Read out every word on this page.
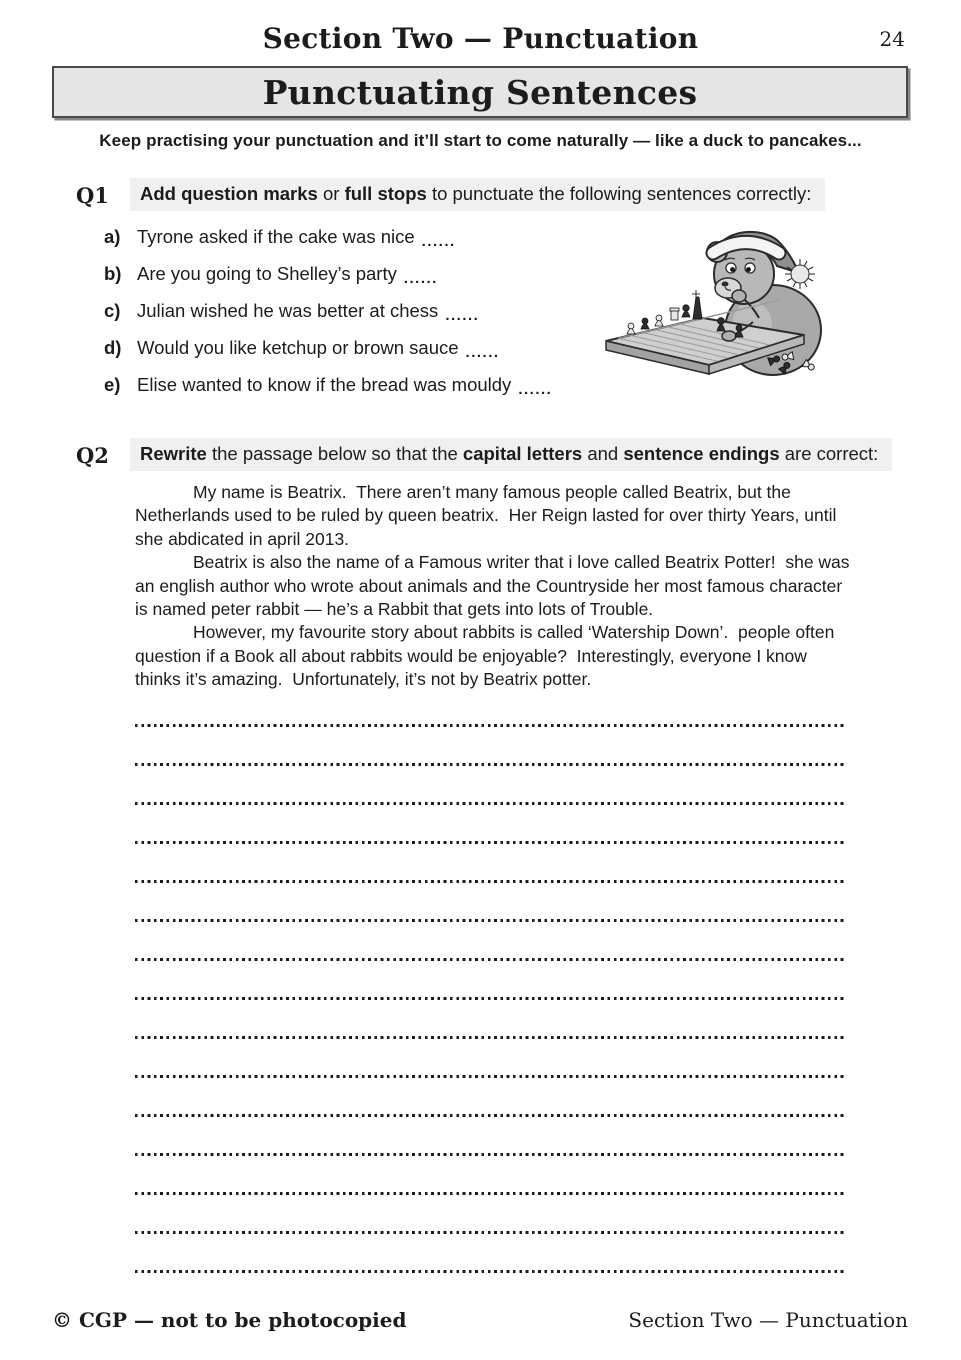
Section Two — Punctuation	24
Punctuating Sentences
Keep practising your punctuation and it’ll start to come naturally — like a duck to pancakes...
Q1 Add question marks or full stops to punctuate the following sentences correctly:
a) Tyrone asked if the cake was nice ......
b) Are you going to Shelley’s party ......
c) Julian wished he was better at chess ......
d) Would you like ketchup or brown sauce ......
e) Elise wanted to know if the bread was mouldy ......
Q2 Rewrite the passage below so that the capital letters and sentence endings are correct:

My name is Beatrix.  There aren’t many famous people called Beatrix, but the Netherlands used to be ruled by queen beatrix.  Her Reign lasted for over thirty Years, until she abdicated in april 2013.

Beatrix is also the name of a Famous writer that i love called Beatrix Potter!  she was an english author who wrote about animals and the Countryside her most famous character is named peter rabbit — he’s a Rabbit that gets into lots of Trouble.

However, my favourite story about rabbits is called ‘Watership Down’.  people often question if a Book all about rabbits would be enjoyable?  Interestingly, everyone I know thinks it’s amazing.  Unfortunately, it’s not by Beatrix potter.

© CGP — not to be photocopied	Section Two — Punctuation
